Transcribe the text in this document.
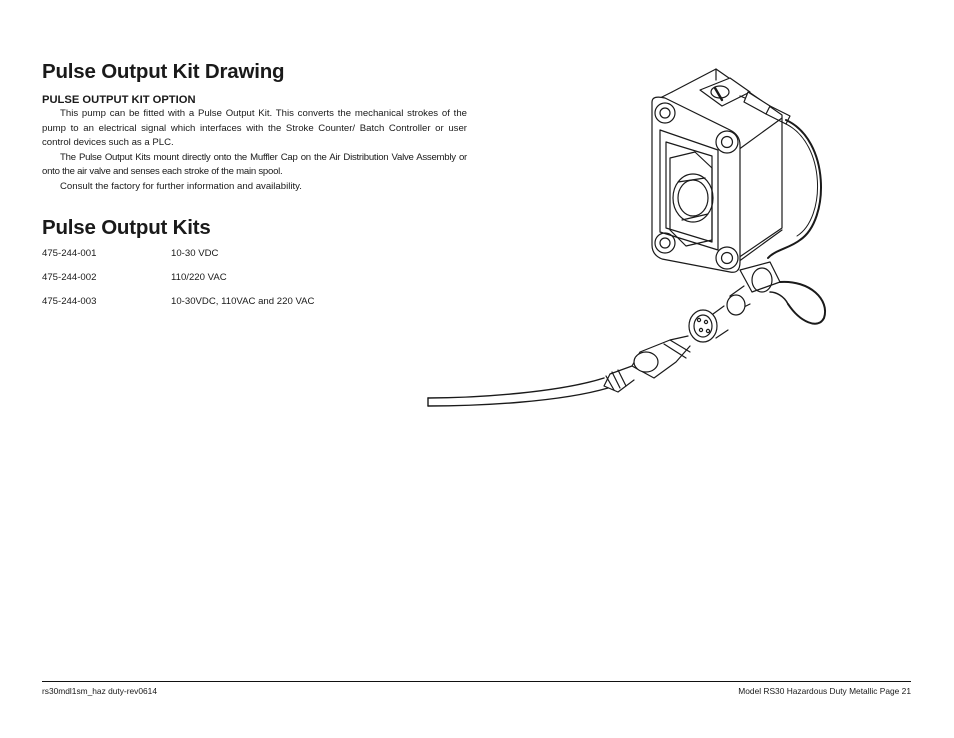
Pulse Output Kit Drawing
PULSE OUTPUT KIT OPTION

This pump can be fitted with a Pulse Output Kit. This converts the mechanical strokes of the pump to an electrical signal which interfaces with the Stroke Counter/ Batch Controller or user control devices such as a PLC.

The Pulse Output Kits mount directly onto the Muffler Cap on the Air Distribution Valve Assembly or onto the air valve and senses each stroke of the main spool.

Consult the factory for further information and availability.

Pulse Output Kits
475-244-001	10-30 VDC
475-244-002	110/220 VAC
475-244-003	10-30VDC, 110VAC and 220 VAC
rs30mdl1sm_haz duty-rev0614	Model RS30 Hazardous Duty Metallic Page 21
